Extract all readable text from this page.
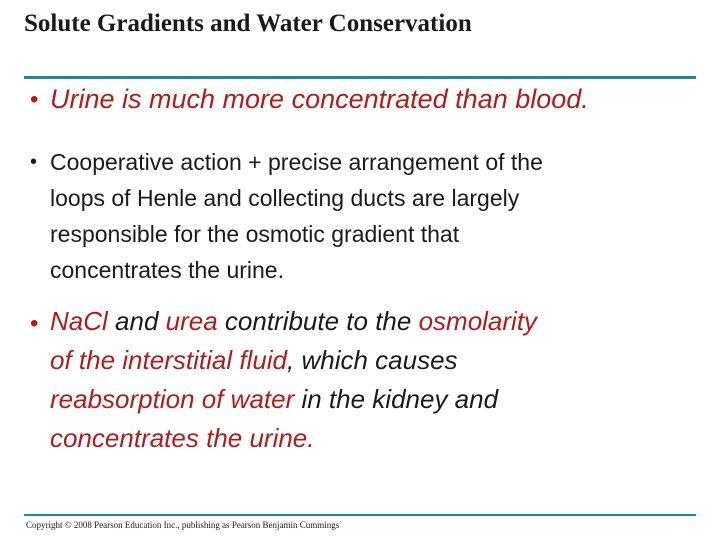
Solute Gradients and Water Conservation
• Urine is much more concentrated than blood.
• Cooperative action + precise arrangement of the
loops of Henle and collecting ducts are largely
responsible for the osmotic gradient that
concentrates the urine.
• NaCl and urea contribute to the osmolarity
of the interstitial fluid, which causes
reabsorption of water in the kidney and
concentrates the urine.
Copyright © 2008 Pearson Education Inc., publishing as Pearson Benjamin Cummings
